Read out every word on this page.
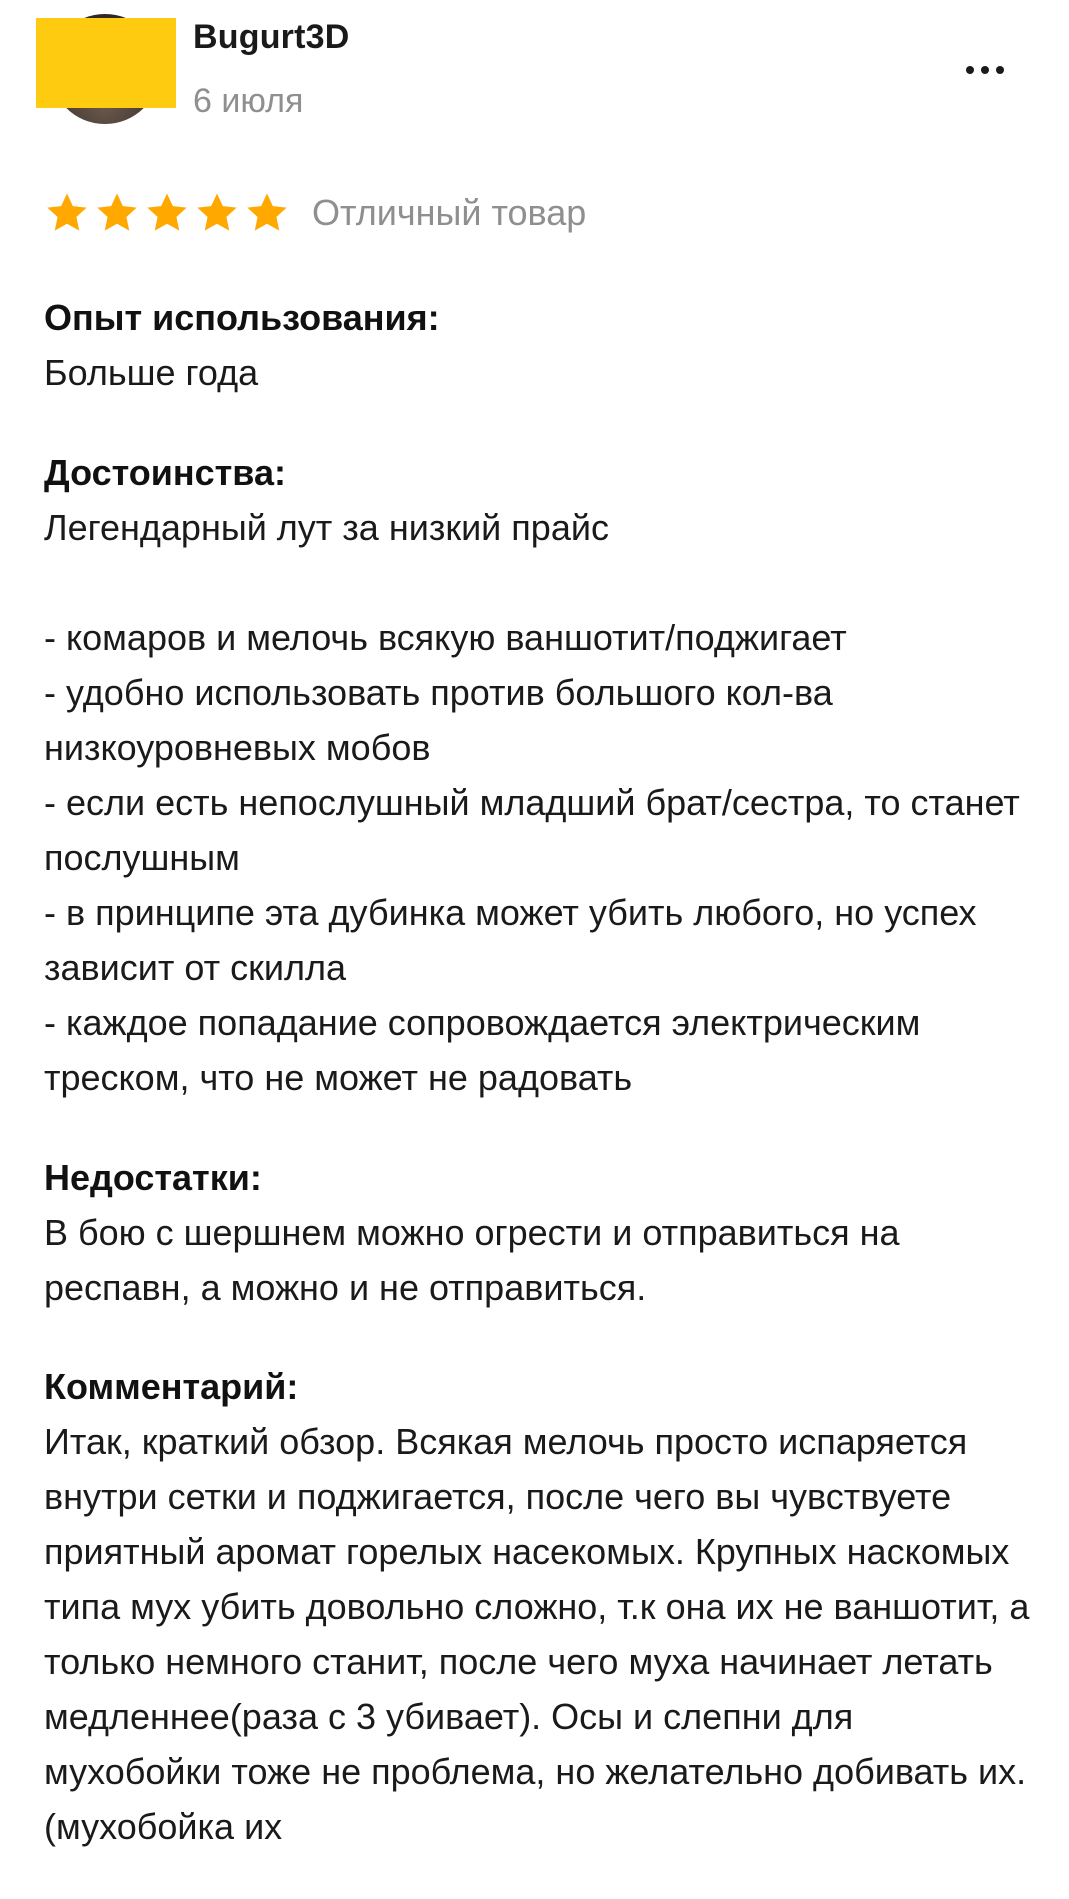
Bugurt3D
6 июля
Отличный товар
Опыт использования:
Больше года
Достоинства:
Легендарный лут за низкий прайс

- комаров и мелочь всякую ваншотит/поджигает
- удобно использовать против большого кол-ва низкоуровневых мобов
- если есть непослушный младший брат/сестра, то станет послушным
- в принципе эта дубинка может убить любого, но успех зависит от скилла
- каждое попадание сопровождается электрическим треском, что не может не радовать
Недостатки:
В бою с шершнем можно огрести и отправиться на респавн, а можно и не отправиться.
Комментарий:
Итак, краткий обзор. Всякая мелочь просто испаряется внутри сетки и поджигается, после чего вы чувствуете приятный аромат горелых насекомых. Крупных наскомых типа мух убить довольно сложно, т.к она их не ваншотит, а только немного станит, после чего муха начинает летать медленнее(раза с 3 убивает). Осы и слепни для мухобойки тоже не проблема, но желательно добивать их. (мухобойка их
